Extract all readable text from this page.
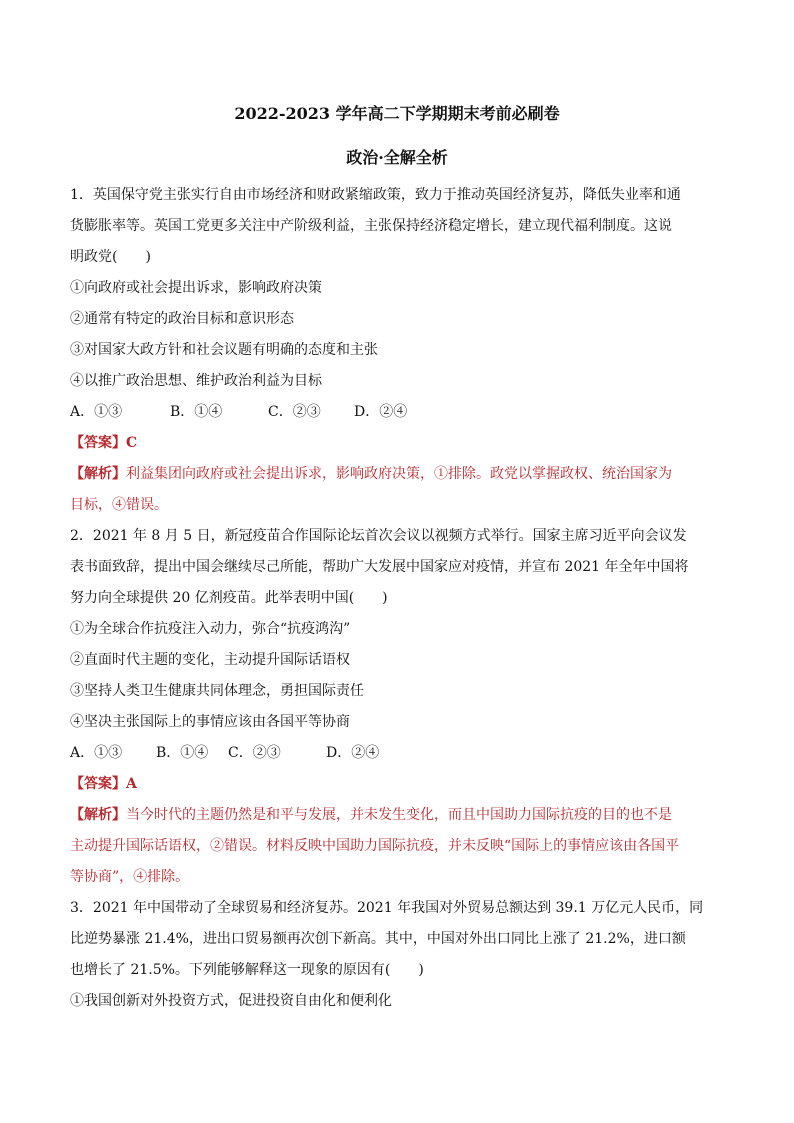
2022-2023 学年高二下学期期末考前必刷卷
政治·全解全析
1．英国保守党主张实行自由市场经济和财政紧缩政策，致力于推动英国经济复苏，降低失业率和通
货膨胀率等。英国工党更多关注中产阶级利益，主张保持经济稳定增长，建立现代福利制度。这说
明政党(　　)
①向政府或社会提出诉求，影响政府决策
②通常有特定的政治目标和意识形态
③对国家大政方针和社会议题有明确的态度和主张
④以推广政治思想、维护政治利益为目标
A．①③	B．①④	C．②③ D．②④
【答案】C
【解析】利益集团向政府或社会提出诉求，影响政府决策，①排除。政党以掌握政权、统治国家为
目标，④错误。
2．2021 年 8 月 5 日，新冠疫苗合作国际论坛首次会议以视频方式举行。国家主席习近平向会议发
表书面致辞，提出中国会继续尽己所能，帮助广大发展中国家应对疫情，并宣布 2021 年全年中国将
努力向全球提供 20 亿剂疫苗。此举表明中国(　　)
①为全球合作抗疫注入动力，弥合“抗疫鸿沟”
②直面时代主题的变化，主动提升国际话语权
③坚持人类卫生健康共同体理念，勇担国际责任
④坚决主张国际上的事情应该由各国平等协商
A．①③ B．①④ C．②③	D．②④
【答案】A
【解析】当今时代的主题仍然是和平与发展，并未发生变化，而且中国助力国际抗疫的目的也不是
主动提升国际话语权，②错误。材料反映中国助力国际抗疫，并未反映“国际上的事情应该由各国平
等协商”，④排除。
3．2021 年中国带动了全球贸易和经济复苏。2021 年我国对外贸易总额达到 39.1 万亿元人民币，同
比逆势暴涨 21.4%，进出口贸易额再次创下新高。其中，中国对外出口同比上涨了 21.2%，进口额
也增长了 21.5%。下列能够解释这一现象的原因有(　　)
①我国创新对外投资方式，促进投资自由化和便利化
